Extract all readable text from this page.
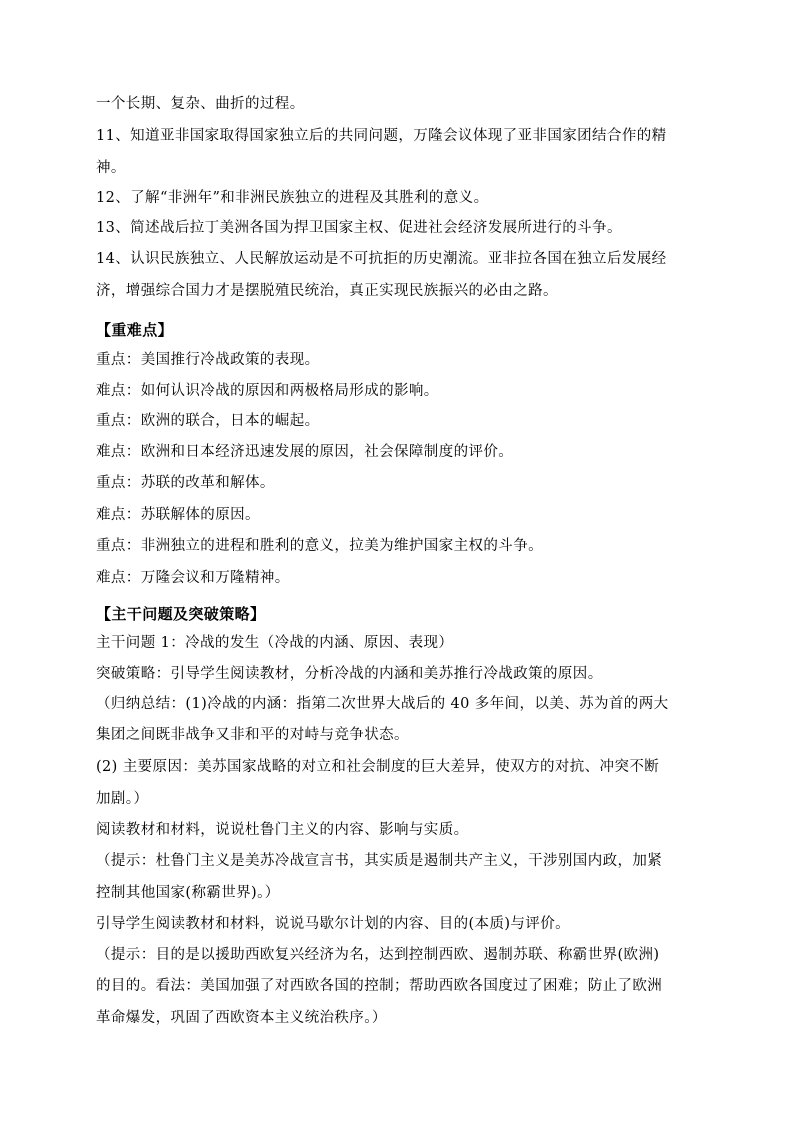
一个长期、复杂、曲折的过程。
11、知道亚非国家取得国家独立后的共同问题，万隆会议体现了亚非国家团结合作的精
神。
12、了解“非洲年”和非洲民族独立的进程及其胜利的意义。
13、简述战后拉丁美洲各国为捍卫国家主权、促进社会经济发展所进行的斗争。
14、认识民族独立、人民解放运动是不可抗拒的历史潮流。亚非拉各国在独立后发展经
济，增强综合国力才是摆脱殖民统治，真正实现民族振兴的必由之路。
【重难点】
重点：美国推行冷战政策的表现。
难点：如何认识冷战的原因和两极格局形成的影响。
重点：欧洲的联合，日本的崛起。
难点：欧洲和日本经济迅速发展的原因，社会保障制度的评价。
重点：苏联的改革和解体。
难点：苏联解体的原因。
重点：非洲独立的进程和胜利的意义，拉美为维护国家主权的斗争。
难点：万隆会议和万隆精神。
【主干问题及突破策略】
主干问题 1：冷战的发生（冷战的内涵、原因、表现）
突破策略：引导学生阅读教材，分析冷战的内涵和美苏推行冷战政策的原因。
（归纳总结：(1)冷战的内涵：指第二次世界大战后的 40 多年间，以美、苏为首的两大
集团之间既非战争又非和平的对峙与竞争状态。
(2) 主要原因：美苏国家战略的对立和社会制度的巨大差异，使双方的对抗、冲突不断
加剧。）
阅读教材和材料，说说杜鲁门主义的内容、影响与实质。
（提示：杜鲁门主义是美苏冷战宣言书，其实质是遏制共产主义，干涉别国内政，加紧
控制其他国家(称霸世界)。）
引导学生阅读教材和材料，说说马歇尔计划的内容、目的(本质)与评价。
（提示：目的是以援助西欧复兴经济为名，达到控制西欧、遏制苏联、称霸世界(欧洲)
的目的。看法：美国加强了对西欧各国的控制；帮助西欧各国度过了困难；防止了欧洲
革命爆发，巩固了西欧资本主义统治秩序。）
